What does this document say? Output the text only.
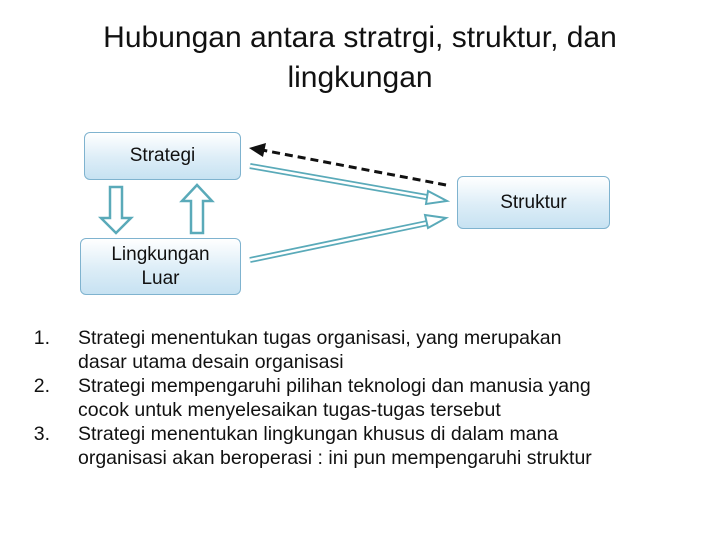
Hubungan antara stratrgi, struktur, dan
lingkungan
Strategi
Struktur
Lingkungan
Luar
1. Strategi menentukan tugas organisasi, yang merupakan
dasar utama desain organisasi
2. Strategi mempengaruhi pilihan teknologi dan manusia yang
cocok untuk menyelesaikan tugas-tugas tersebut
3. Strategi menentukan lingkungan khusus di dalam mana
organisasi akan beroperasi : ini pun mempengaruhi struktur
